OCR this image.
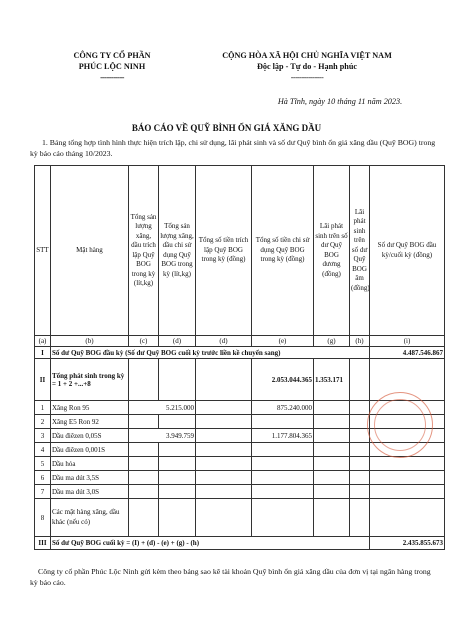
CÔNG TY CỔ PHẦN
PHÚC LỘC NINH
-----------
CỘNG HÒA XÃ HỘI CHỦ NGHĨA VIỆT NAM
Độc lập - Tự do - Hạnh phúc
---------------
Hà Tĩnh, ngày 10 tháng 11 năm 2023.
BÁO CÁO VỀ QUỸ BÌNH ỔN GIÁ XĂNG DẦU
1. Bảng tổng hợp tình hình thực hiện trích lập, chi sử dụng, lãi phát sinh và số dư Quỹ bình ổn giá xăng dầu (Quỹ BOG) trong kỳ báo cáo tháng 10/2023.
STT	Mặt hàng	Tổng sản lượng xăng, dầu trích lập Quỹ BOG trong kỳ (lít,kg)	Tổng sản lượng xăng, dầu chi sử dụng Quỹ BOG trong kỳ (lít,kg)	Tổng số tiền trích lập Quỹ BOG trong kỳ (đồng)	Tổng số tiền chi sử dụng Quỹ BOG trong kỳ (đồng)	Lãi phát sinh trên số dư Quỹ BOG dương (đồng)	Lãi phát sinh trên số dư Quỹ BOG âm (đồng)	Số dư Quỹ BOG đầu kỳ/cuối kỳ (đồng)
(a)	(b)	(c)	(d)	(d)	(e)	(g)	(h)	(i)
I	Số dư Quỹ BOG đầu kỳ (Số dư Quỹ BOG cuối kỳ trước liền kề chuyển sang)							4.487.546.867
II	Tổng phát sinh trong kỳ = 1 + 2 +...+8				2.053.044.365	1.353.171		
1	Xăng Ron 95	5.215.000			875.240.000			
2	Xăng E5 Ron 92							
3	Dầu điêzen 0,05S	3.949.759			1.177.804.365			
4	Dầu điêzen 0,001S							
5	Dầu hỏa							
6	Dầu ma dút 3,5S							
7	Dầu ma dút 3,0S							
8	Các mặt hàng xăng, dầu khác (nếu có)							
III	Số dư Quỹ BOG cuối kỳ = (I) + (d) - (e) + (g) - (h)							2.435.855.673
Công ty cổ phần Phúc Lộc Ninh gửi kèm theo bảng sao kê tài khoản Quỹ bình ổn giá xăng dầu của đơn vị tại ngân hàng trong kỳ báo cáo.
